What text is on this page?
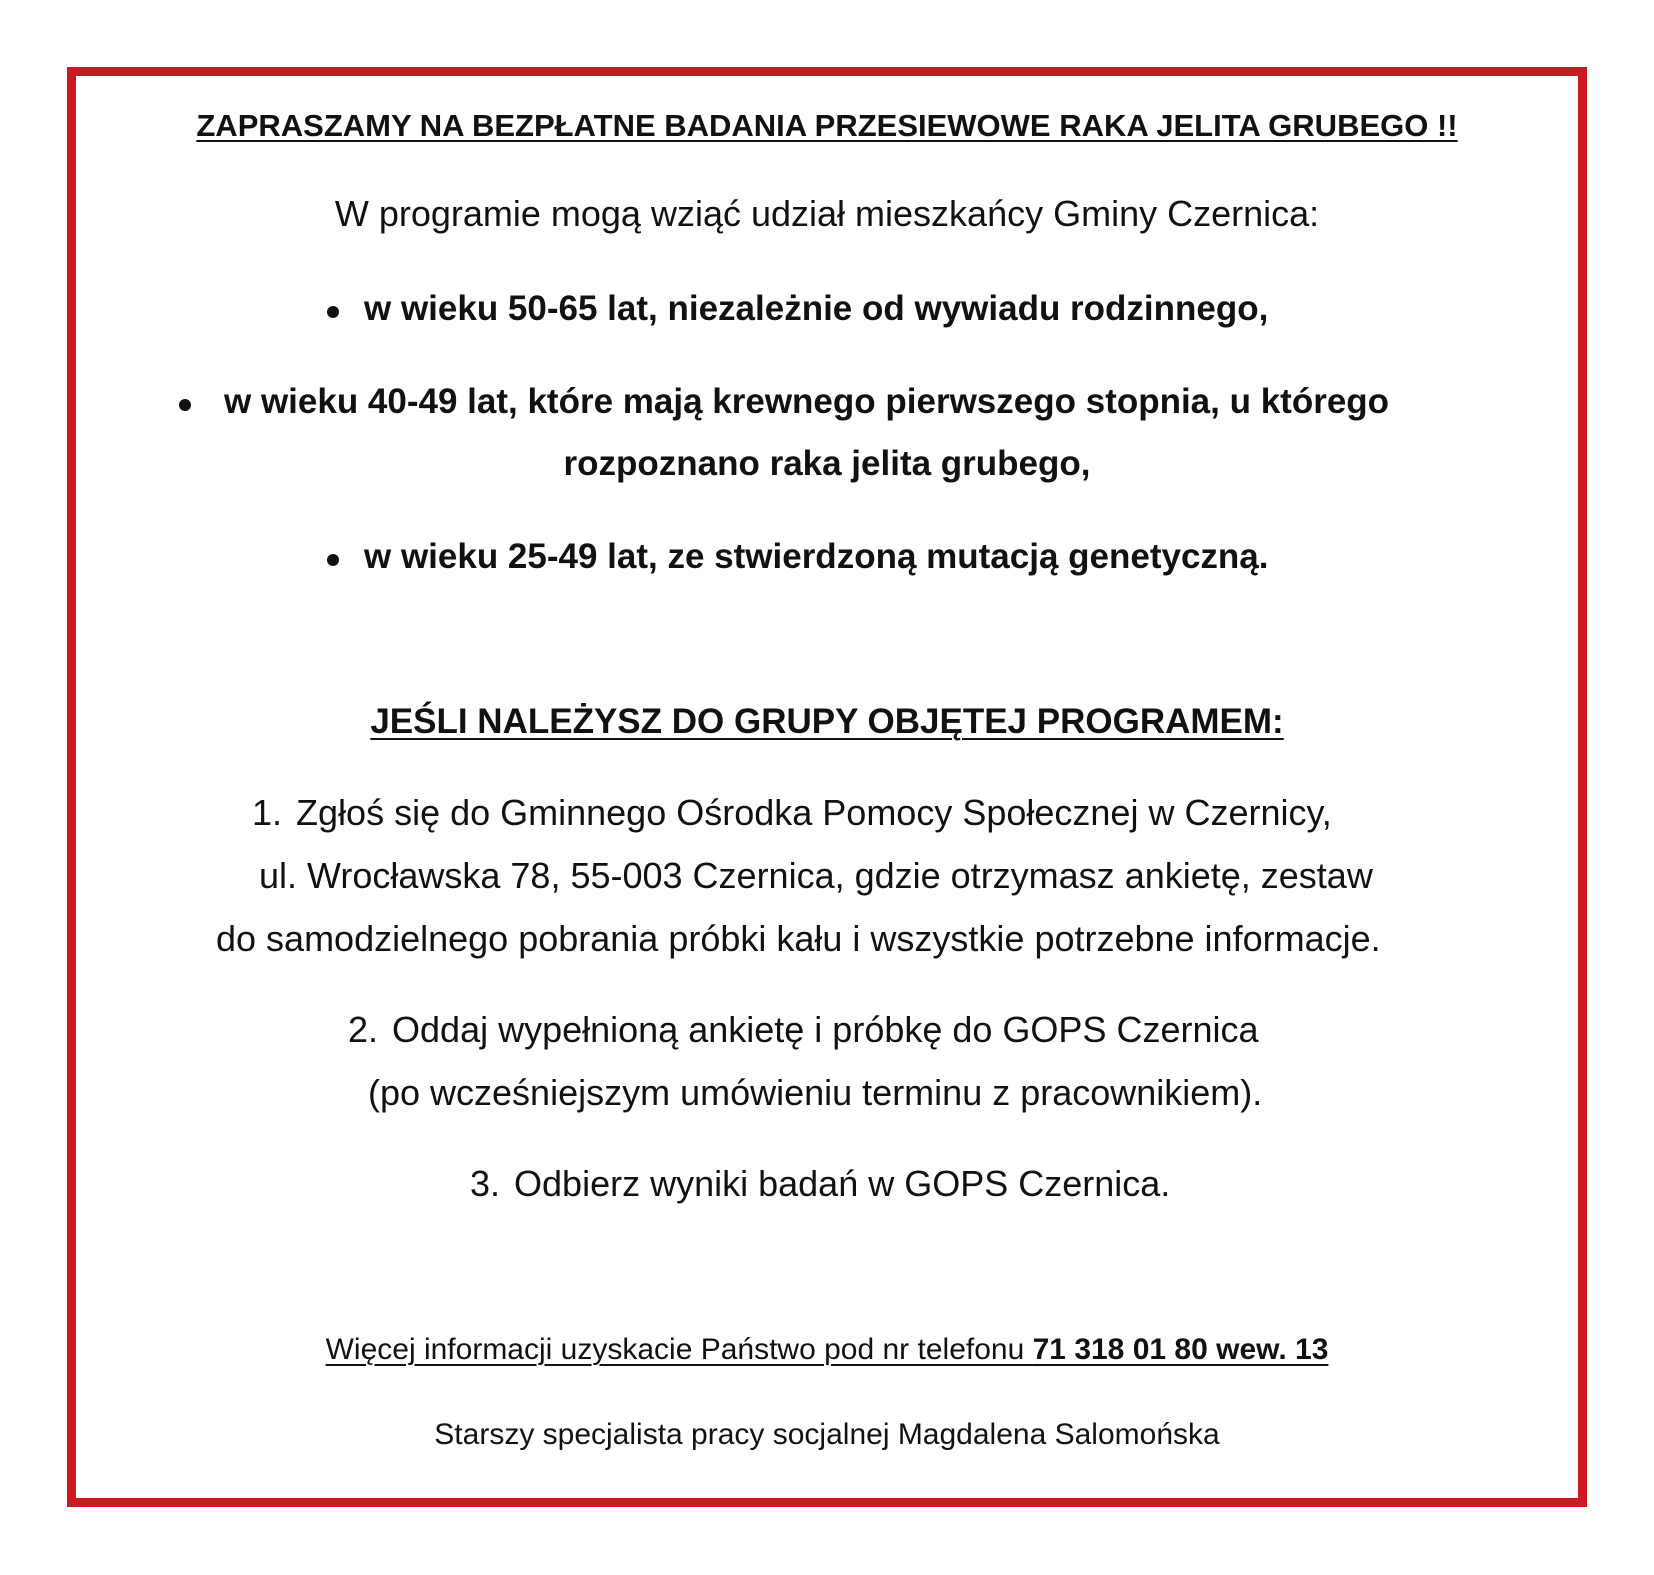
ZAPRASZAMY NA BEZPŁATNE BADANIA PRZESIEWOWE RAKA JELITA GRUBEGO !!
W programie mogą wziąć udział mieszkańcy Gminy Czernica:
w wieku 50-65 lat, niezależnie od wywiadu rodzinnego,
w wieku 40-49 lat, które mają krewnego pierwszego stopnia, u którego
rozpoznano raka jelita grubego,
w wieku 25-49 lat, ze stwierdzoną mutacją genetyczną.
JEŚLI NALEŻYSZ DO GRUPY OBJĘTEJ PROGRAMEM:
1. Zgłoś się do Gminnego Ośrodka Pomocy Społecznej w Czernicy,
ul. Wrocławska 78, 55-003 Czernica, gdzie otrzymasz ankietę, zestaw
do samodzielnego pobrania próbki kału i wszystkie potrzebne informacje.
2. Oddaj wypełnioną ankietę i próbkę do GOPS Czernica
(po wcześniejszym umówieniu terminu z pracownikiem).
3. Odbierz wyniki badań w GOPS Czernica.
Więcej informacji uzyskacie Państwo pod nr telefonu 71 318 01 80 wew. 13
Starszy specjalista pracy socjalnej Magdalena Salomońska
